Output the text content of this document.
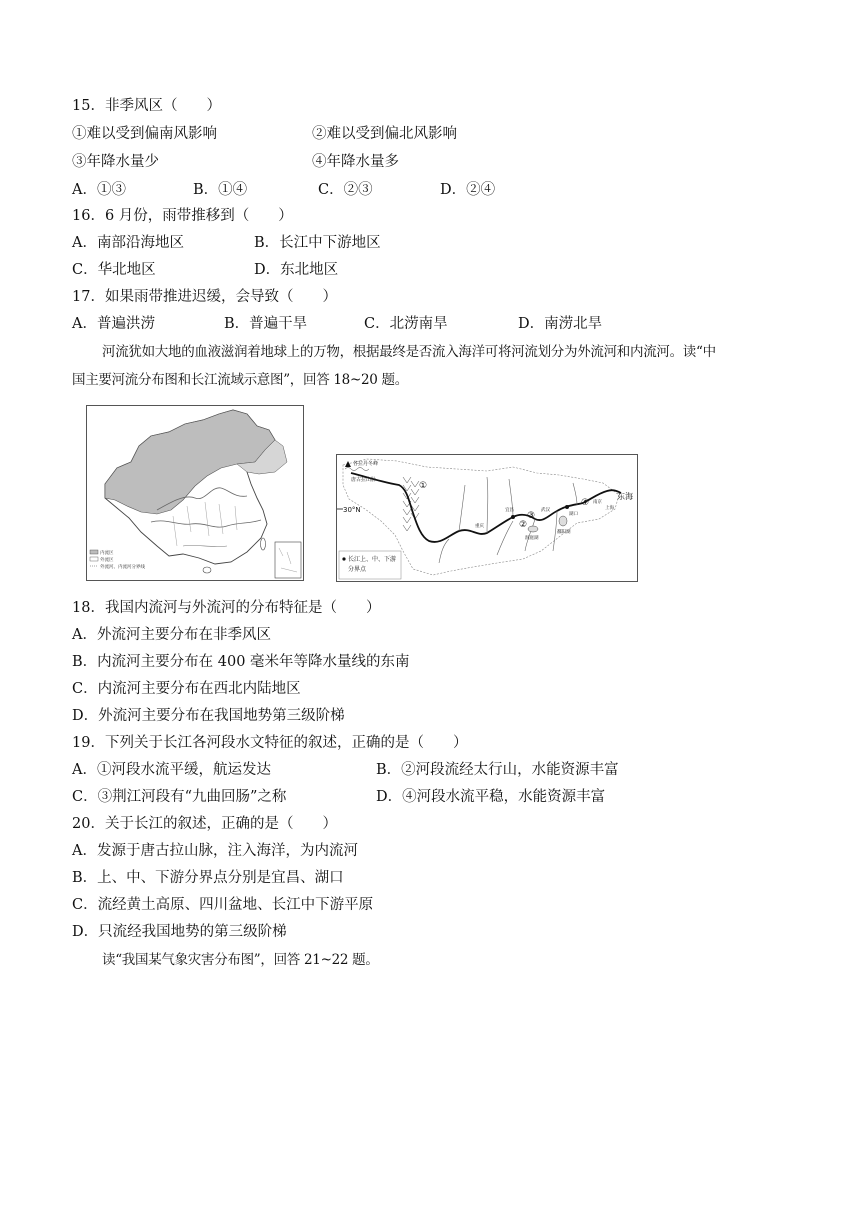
15．非季风区（　　）
①难以受到偏南风影响	②难以受到偏北风影响
③年降水量少	④年降水量多
A．①③	B．①④	C．②③	D．②④
16．6 月份，雨带推移到（　　）
A．南部沿海地区	B．长江中下游地区
C．华北地区	D．东北地区
17．如果雨带推进迟缓，会导致（　　）
A．普遍洪涝	B．普遍干旱	C．北涝南旱	D．南涝北旱
河流犹如大地的血液滋润着地球上的万物，根据最终是否流入海洋可将河流划分为外流河和内流河。读“中
国主要河流分布图和长江流域示意图”，回答 18~20 题。
内流区
外流区
外流河、内流河分界线
30°N
各拉丹冬峰
唐古拉山脉
东海
上海
南京
重庆
宜昌	武汉
湖口
洞庭湖
鄱阳湖
①
②
③
④
长江上、中、下游
分界点
18．我国内流河与外流河的分布特征是（　　）
A．外流河主要分布在非季风区
B．内流河主要分布在 400 毫米年等降水量线的东南
C．内流河主要分布在西北内陆地区
D．外流河主要分布在我国地势第三级阶梯
19．下列关于长江各河段水文特征的叙述，正确的是（　　）
A．①河段水流平缓，航运发达	B．②河段流经太行山，水能资源丰富
C．③荆江河段有“九曲回肠”之称	D．④河段水流平稳，水能资源丰富
20．关于长江的叙述，正确的是（　　）
A．发源于唐古拉山脉，注入海洋，为内流河
B．上、中、下游分界点分别是宜昌、湖口
C．流经黄土高原、四川盆地、长江中下游平原
D．只流经我国地势的第三级阶梯
读“我国某气象灾害分布图”，回答 21~22 题。
